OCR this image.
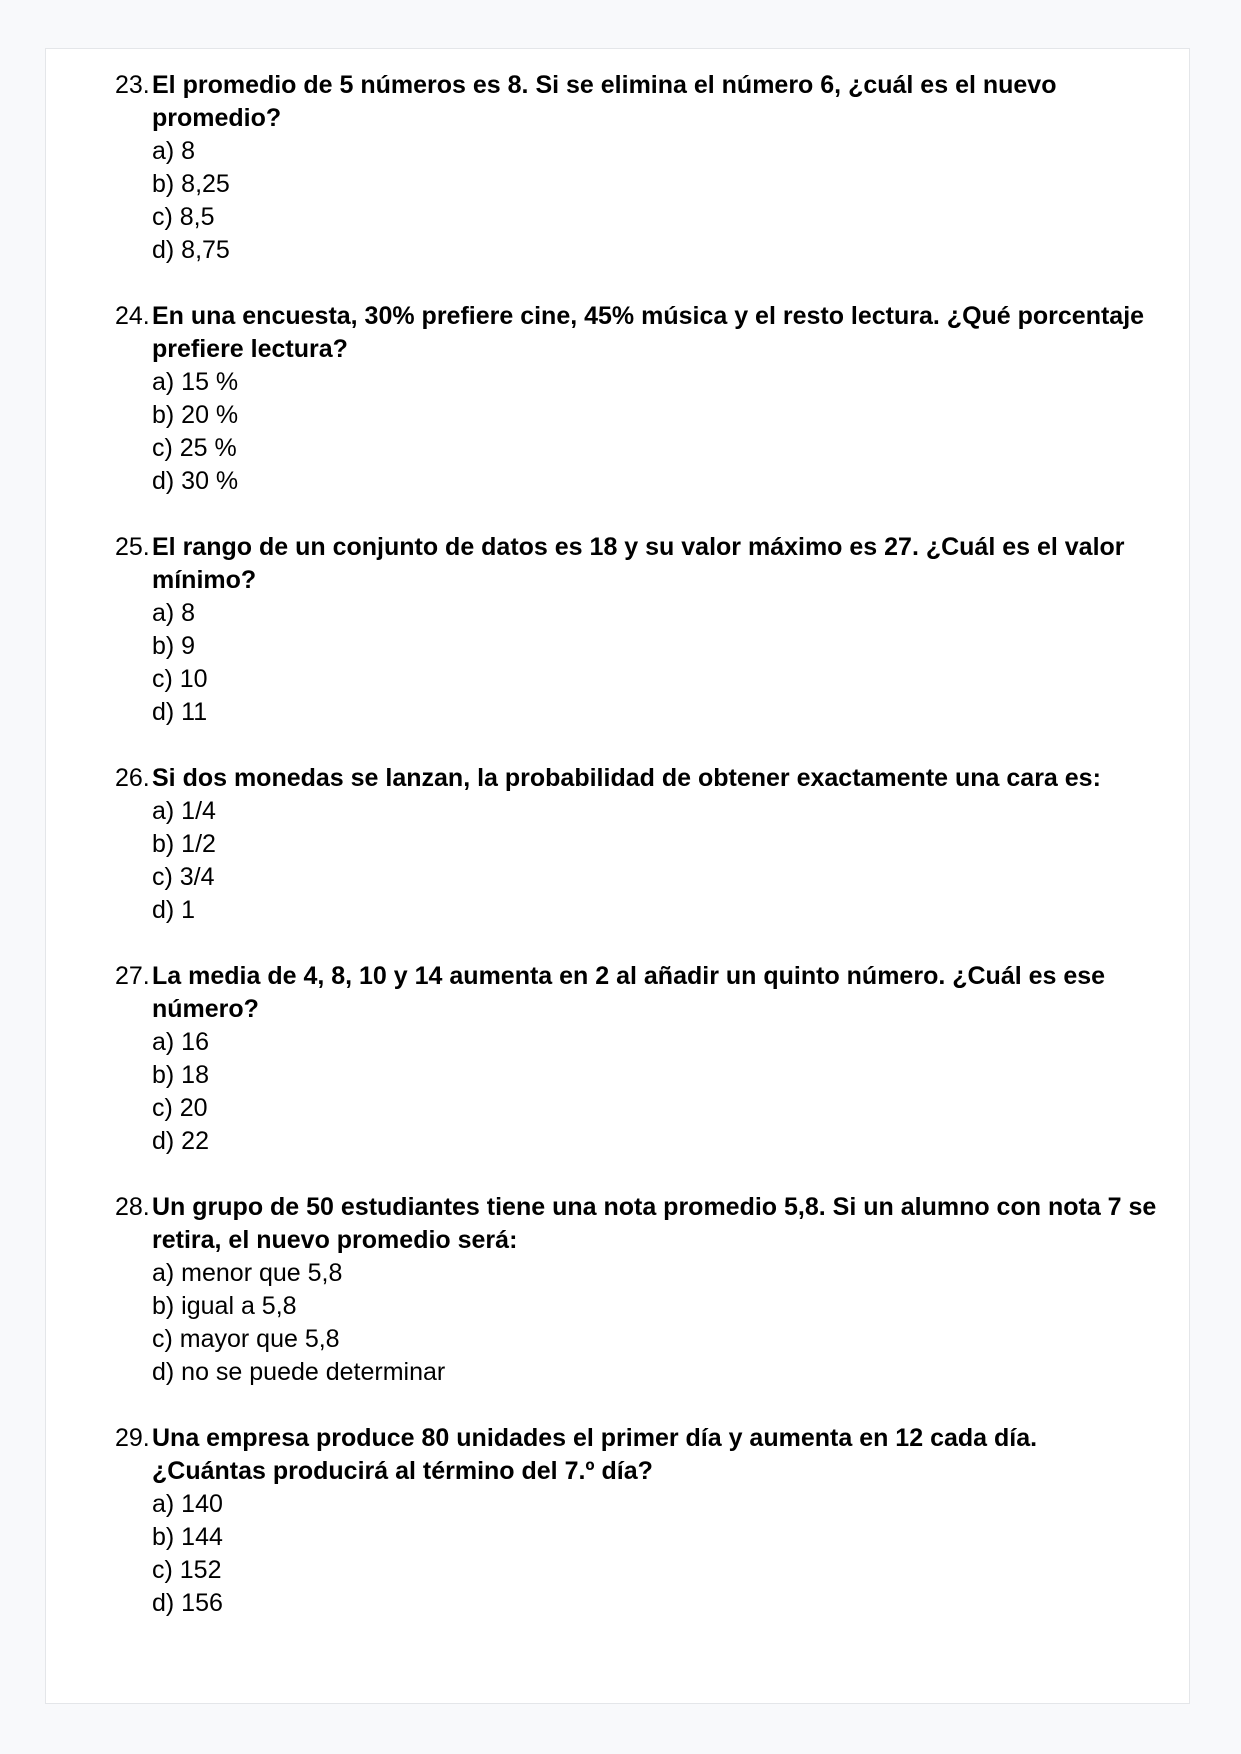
23. El promedio de 5 números es 8. Si se elimina el número 6, ¿cuál es el nuevo
promedio?
a) 8
b) 8,25
c) 8,5
d) 8,75
24. En una encuesta, 30% prefiere cine, 45% música y el resto lectura. ¿Qué porcentaje
prefiere lectura?
a) 15 %
b) 20 %
c) 25 %
d) 30 %
25. El rango de un conjunto de datos es 18 y su valor máximo es 27. ¿Cuál es el valor
mínimo?
a) 8
b) 9
c) 10
d) 11
26. Si dos monedas se lanzan, la probabilidad de obtener exactamente una cara es:
a) 1/4
b) 1/2
c) 3/4
d) 1
27. La media de 4, 8, 10 y 14 aumenta en 2 al añadir un quinto número. ¿Cuál es ese
número?
a) 16
b) 18
c) 20
d) 22
28. Un grupo de 50 estudiantes tiene una nota promedio 5,8. Si un alumno con nota 7 se
retira, el nuevo promedio será:
a) menor que 5,8
b) igual a 5,8
c) mayor que 5,8
d) no se puede determinar
29. Una empresa produce 80 unidades el primer día y aumenta en 12 cada día.
¿Cuántas producirá al término del 7.º día?
a) 140
b) 144
c) 152
d) 156
